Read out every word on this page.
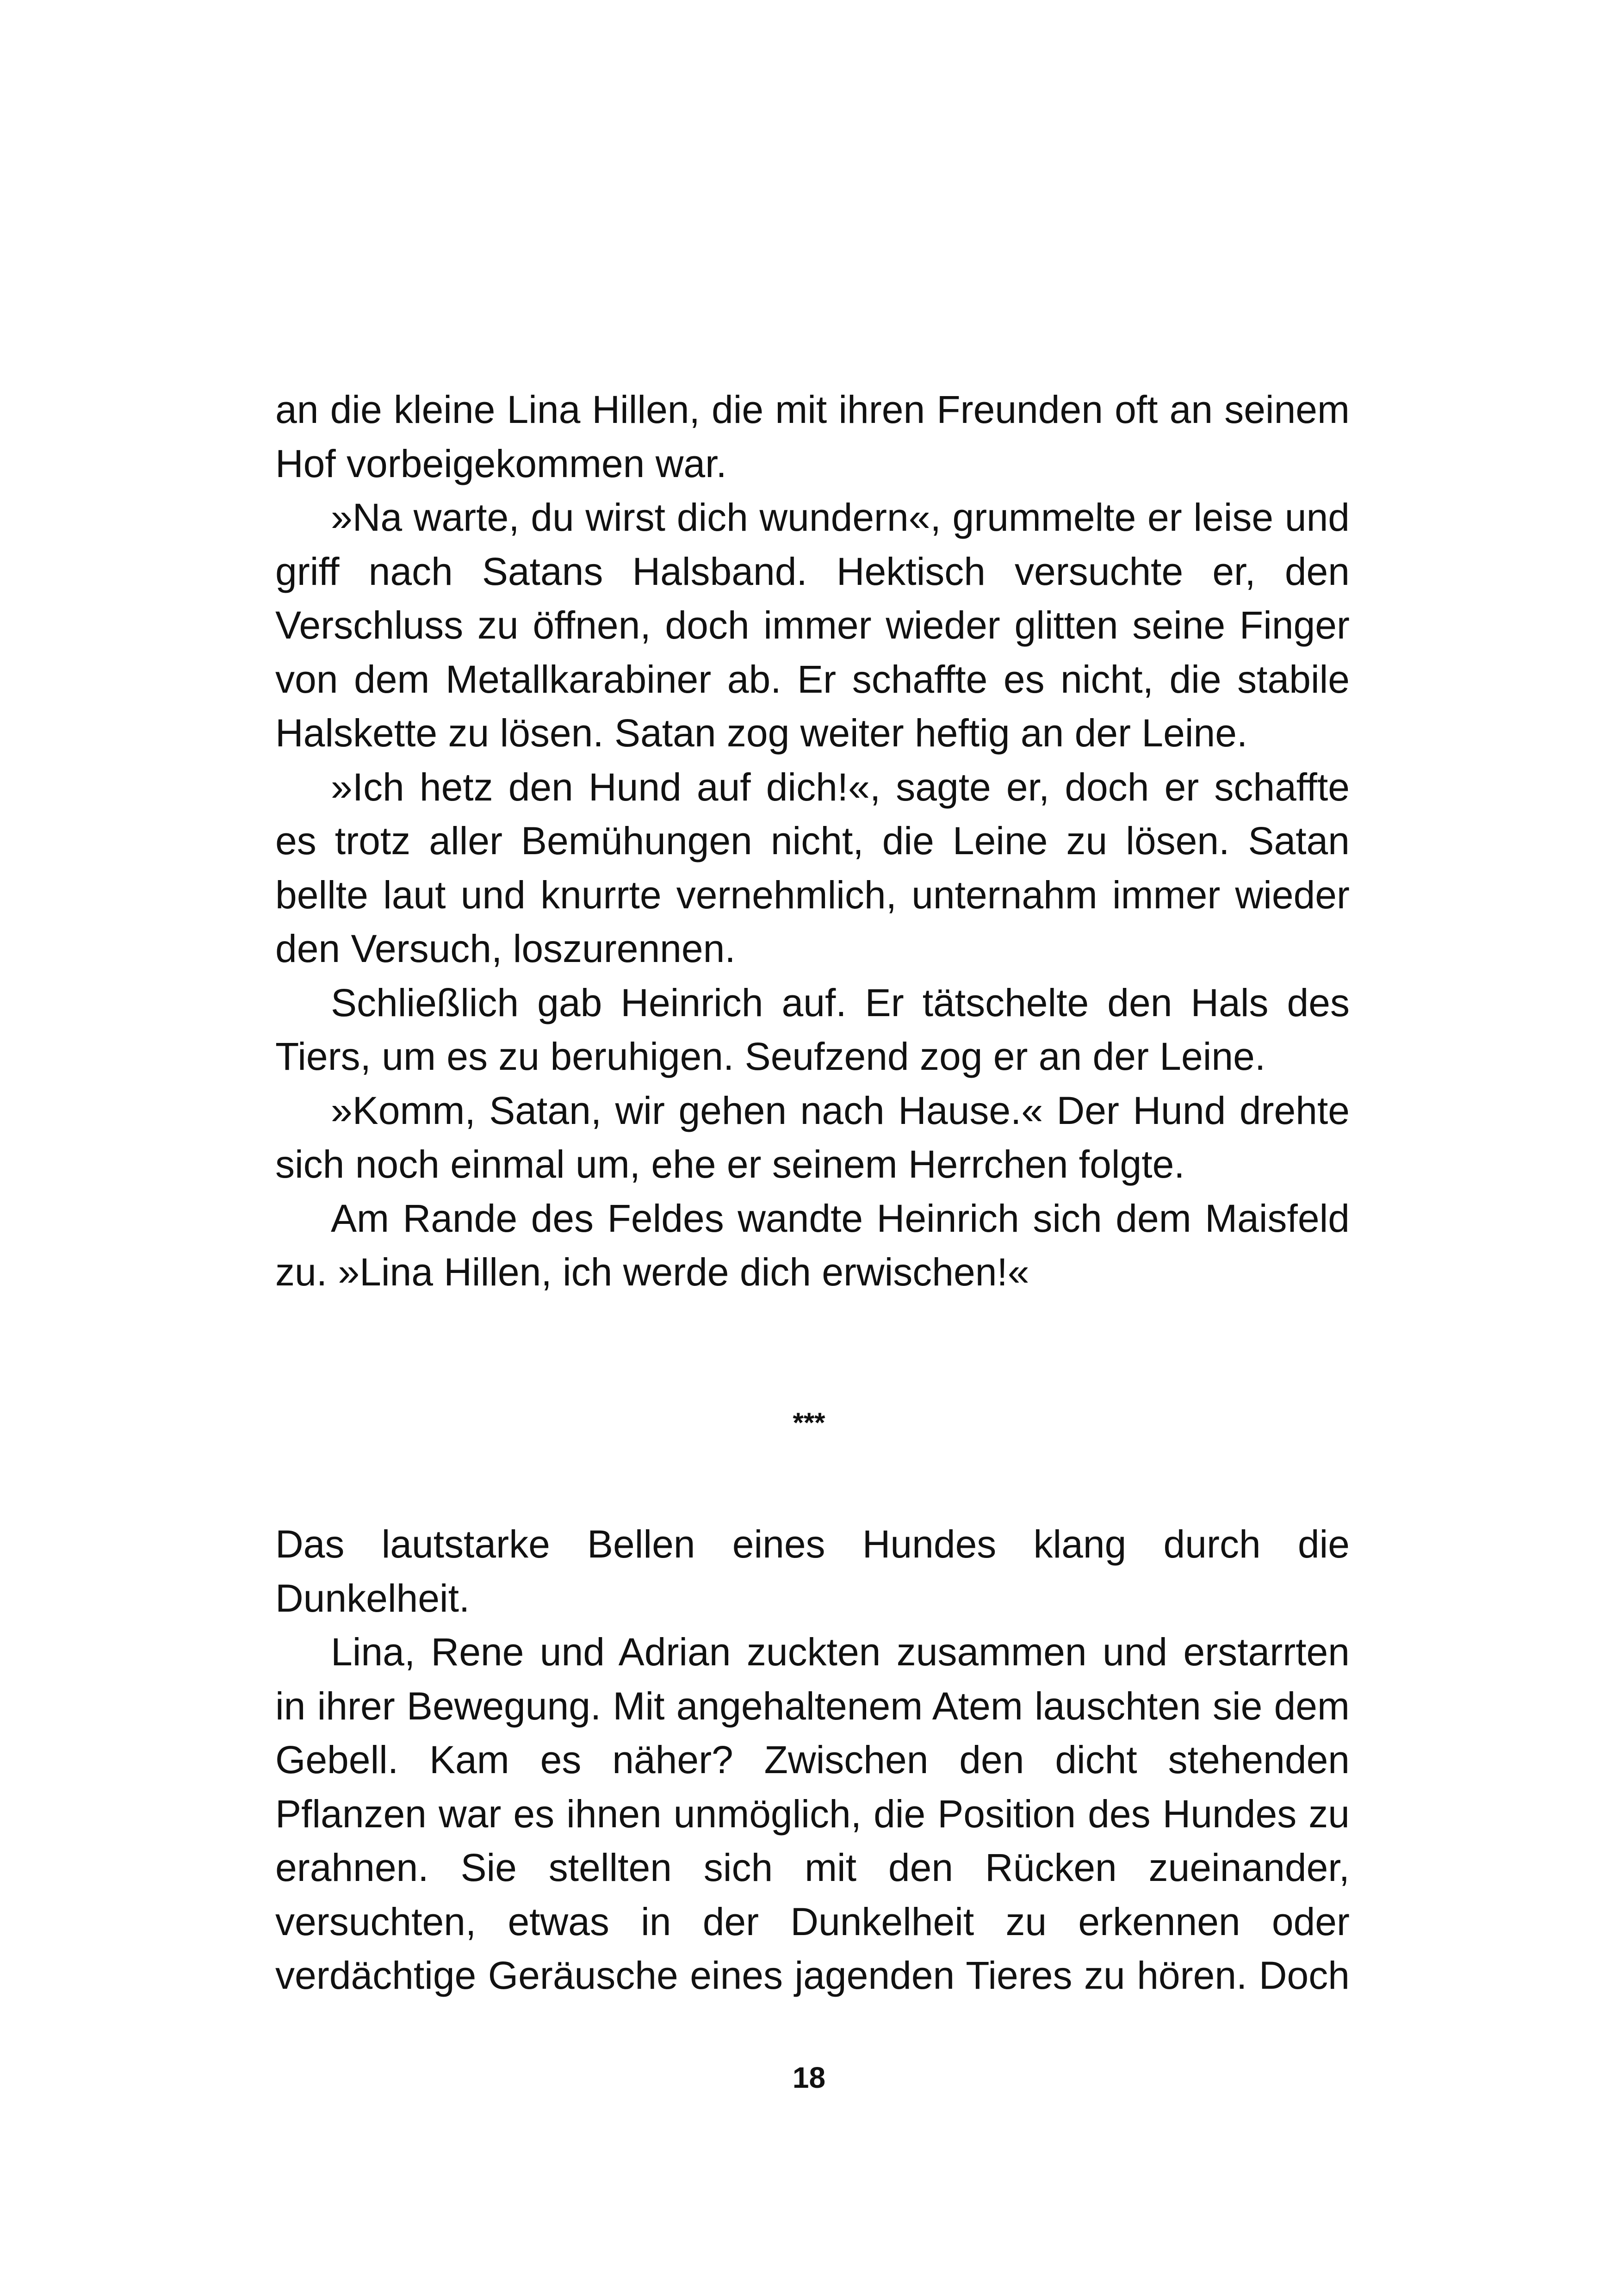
an die kleine Lina Hillen, die mit ihren Freunden oft an seinem Hof vorbeigekommen war.

»Na warte, du wirst dich wundern«, grummelte er leise und griff nach Satans Halsband. Hektisch versuchte er, den Verschluss zu öffnen, doch immer wieder glitten seine Finger von dem Metallkarabiner ab. Er schaffte es nicht, die stabile Halskette zu lösen. Satan zog weiter heftig an der Leine.

»Ich hetz den Hund auf dich!«, sagte er, doch er schaffte es trotz aller Bemühungen nicht, die Leine zu lösen. Satan bellte laut und knurrte vernehmlich, unternahm immer wieder den Versuch, loszurennen.

Schließlich gab Heinrich auf. Er tätschelte den Hals des Tiers, um es zu beruhigen. Seufzend zog er an der Leine.

»Komm, Satan, wir gehen nach Hause.« Der Hund drehte sich noch einmal um, ehe er seinem Herrchen folgte.

Am Rande des Feldes wandte Heinrich sich dem Maisfeld zu. »Lina Hillen, ich werde dich erwischen!«

***

Das lautstarke Bellen eines Hundes klang durch die Dunkelheit.

Lina, Rene und Adrian zuckten zusammen und erstarrten in ihrer Bewegung. Mit angehaltenem Atem lauschten sie dem Gebell. Kam es näher? Zwischen den dicht stehenden Pflanzen war es ihnen unmöglich, die Position des Hundes zu erahnen. Sie stellten sich mit den Rücken zueinander, versuchten, etwas in der Dunkelheit zu erkennen oder verdächtige Geräusche eines jagenden Tieres zu hören. Doch

18
